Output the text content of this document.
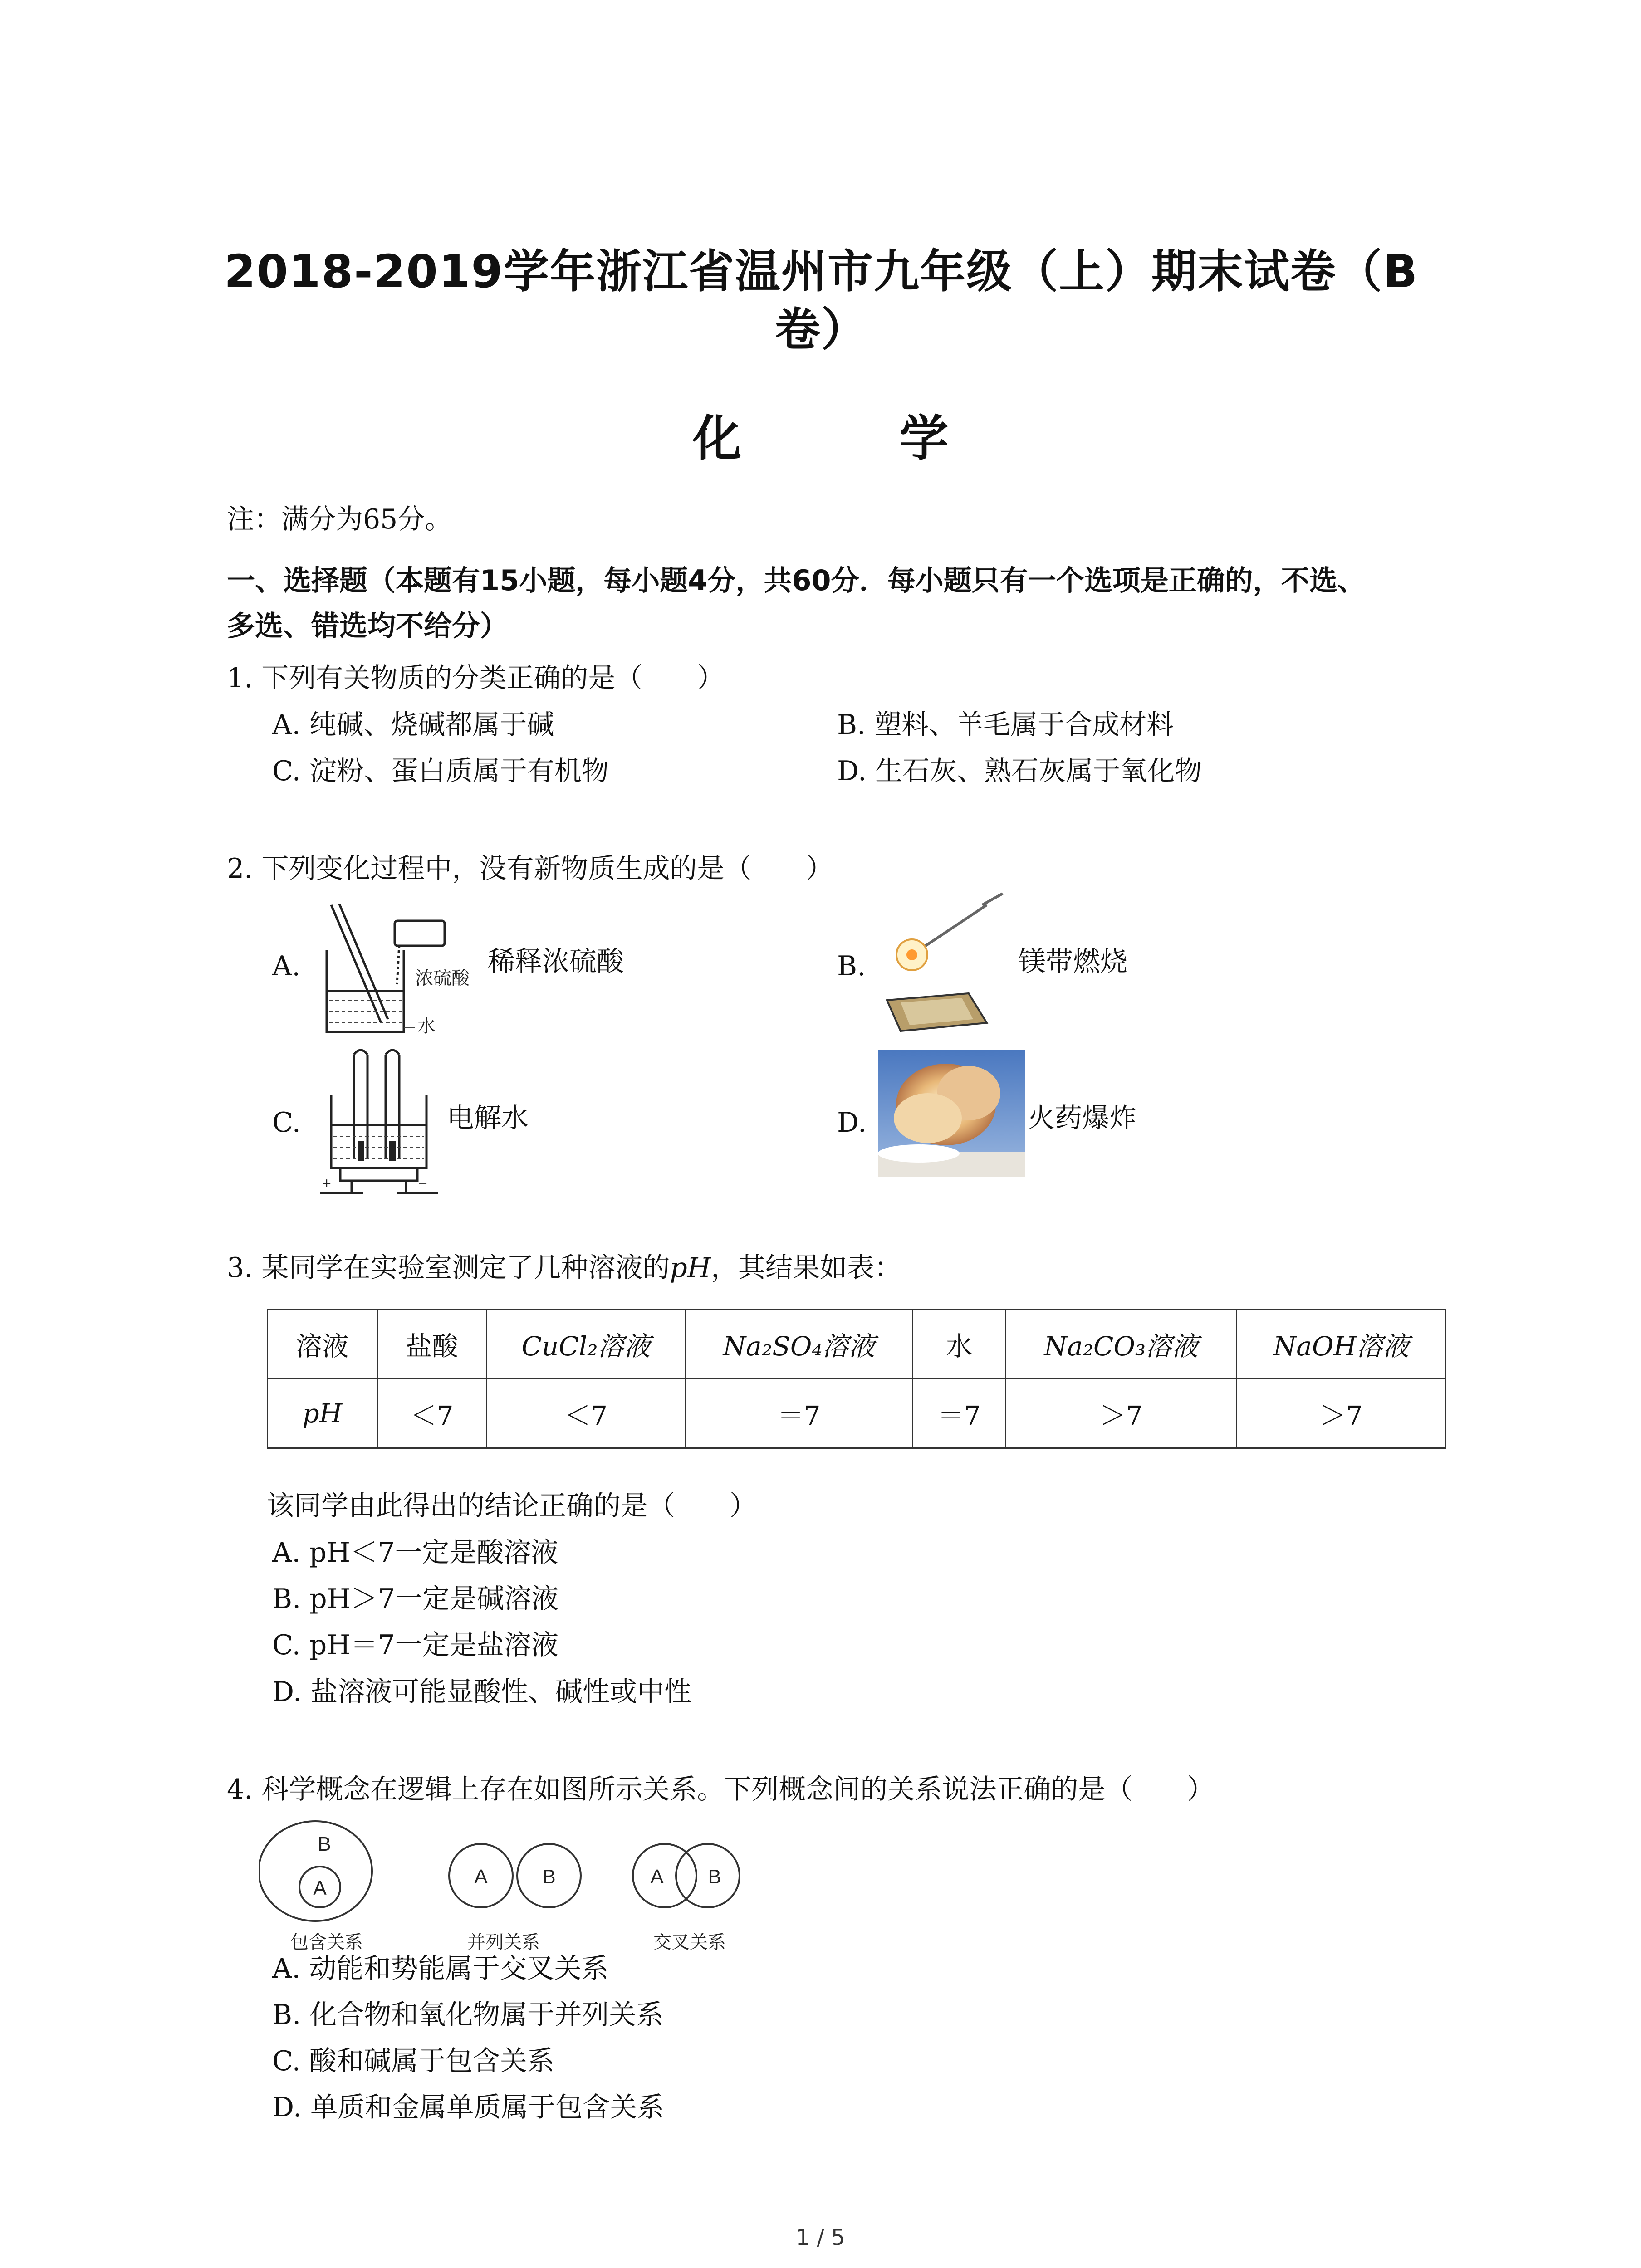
2018-2019学年浙江省温州市九年级（上）期末试卷（B卷）
化　学
注：满分为65分。
一、选择题（本题有15小题，每小题4分，共60分．每小题只有一个选项是正确的，不选、
多选、错选均不给分）
1. 下列有关物质的分类正确的是（　　）
A. 纯碱、烧碱都属于碱	B. 塑料、羊毛属于合成材料
C. 淀粉、蛋白质属于有机物	D. 生石灰、熟石灰属于氧化物
2. 下列变化过程中，没有新物质生成的是（　　）
A.	浓硫酸
水
稀释浓硫酸	B.	镁带燃烧
C.
+	−
电解水	D.	火药爆炸
3. 某同学在实验室测定了几种溶液的pH，其结果如表：
溶液	盐酸	CuCl₂溶液	Na₂SO₄溶液	水	Na₂CO₃溶液	NaOH溶液
pH	＜7	＜7	＝7	＝7	＞7	＞7
该同学由此得出的结论正确的是（　　）
A. pH＜7一定是酸溶液
B. pH＞7一定是碱溶液
C. pH＝7一定是盐溶液
D. 盐溶液可能显酸性、碱性或中性
4. 科学概念在逻辑上存在如图所示关系。下列概念间的关系说法正确的是（　　）
B
A
A	B	A B
包含关系	并列关系	交叉关系
A. 动能和势能属于交叉关系
B. 化合物和氧化物属于并列关系
C. 酸和碱属于包含关系
D. 单质和金属单质属于包含关系
1 / 5
